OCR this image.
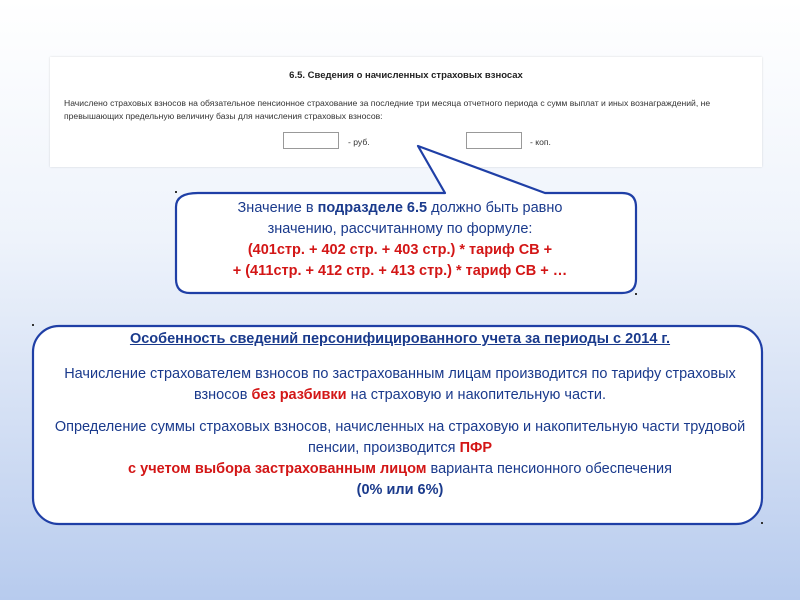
6.5. Сведения о начисленных страховых взносах
Начислено страховых взносов на обязательное пенсионное страхование за последние три месяца отчетного периода с сумм выплат и иных вознаграждений, не превышающих предельную величину базы для начисления страховых взносов:
- руб.	- коп.
Значение в подразделе 6.5 должно быть равно
значению, рассчитанному по формуле:
(401стр. + 402 стр. + 403 стр.) * тариф СВ +
+ (411стр. + 412 стр. + 413 стр.) * тариф СВ + …
Особенность сведений персонифицированного учета за периоды с 2014 г.
Начисление страхователем взносов по застрахованным лицам производится по тарифу страховых взносов без разбивки на страховую и накопительную части.
Определение суммы страховых взносов, начисленных на страховую и накопительную части трудовой пенсии, производится ПФР
с учетом выбора застрахованным лицом варианта пенсионного обеспечения
(0% или 6%)
